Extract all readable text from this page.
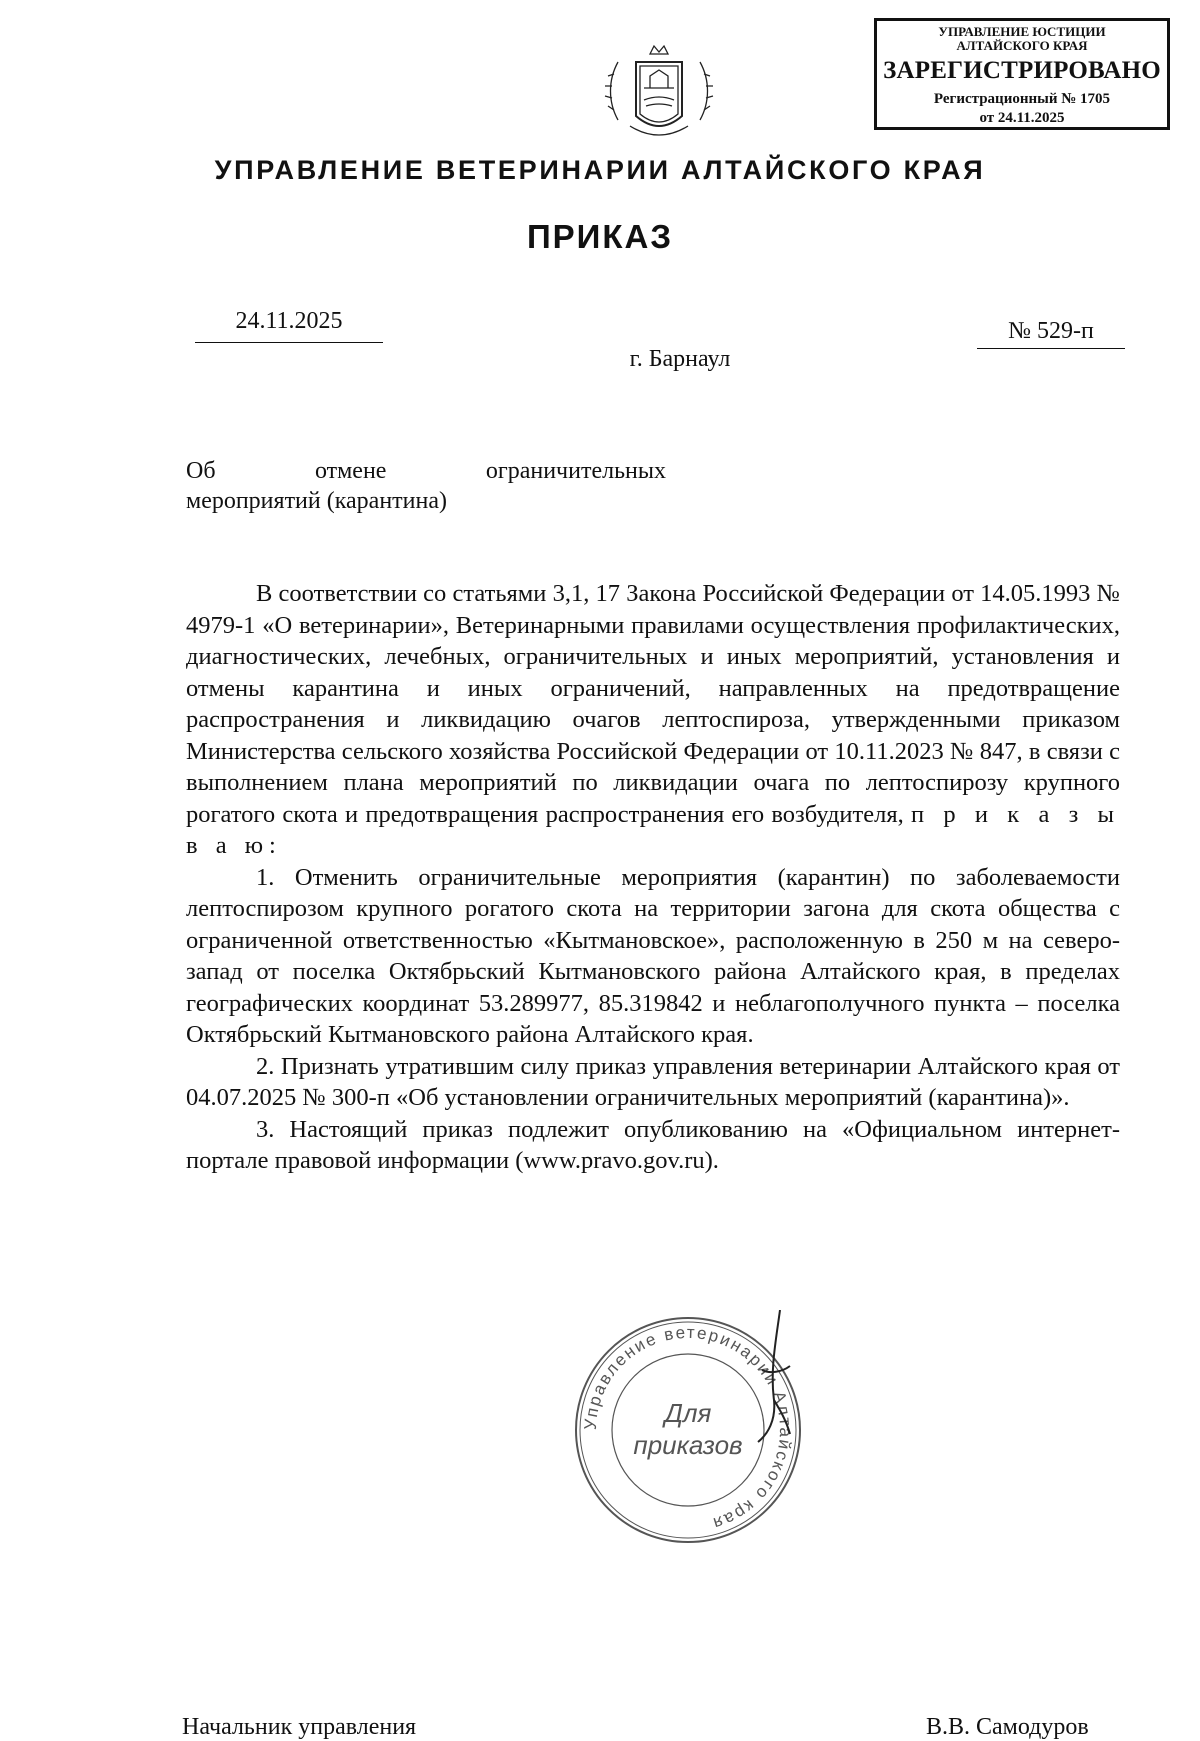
УПРАВЛЕНИЕ ЮСТИЦИИ
АЛТАЙСКОГО КРАЯ
ЗАРЕГИСТРИРОВАНО
Регистрационный № 1705
от 24.11.2025
УПРАВЛЕНИЕ ВЕТЕРИНАРИИ АЛТАЙСКОГО КРАЯ
ПРИКАЗ
24.11.2025	№ 529-п
г. Барнаул
Об отмене ограничительных
мероприятий (карантина)

В соответствии со статьями 3,1, 17 Закона Российской Федерации от 14.05.1993 № 4979-1 «О ветеринарии», Ветеринарными правилами осуществления профилактических, диагностических, лечебных, ограничительных и иных мероприятий, установления и отмены карантина и иных ограничений, направленных на предотвращение распространения и ликвидацию очагов лептоспироза, утвержденными приказом Министерства сельского хозяйства Российской Федерации от 10.11.2023 № 847, в связи с выполнением плана мероприятий по ликвидации очага по лептоспирозу крупного рогатого скота и предотвращения распространения его возбудителя, п р и к а з ы в а ю:

1. Отменить ограничительные мероприятия (карантин) по заболеваемости лептоспирозом крупного рогатого скота на территории загона для скота общества с ограниченной ответственностью «Кытмановское», расположенную в 250 м на северо-запад от поселка Октябрьский Кытмановского района Алтайского края, в пределах географических координат 53.289977, 85.319842 и неблагополучного пункта – поселка Октябрьский Кытмановского района Алтайского края.

2. Признать утратившим силу приказ управления ветеринарии Алтайского края от 04.07.2025 № 300-п «Об установлении ограничительных мероприятий (карантина)».

3. Настоящий приказ подлежит опубликованию на «Официальном интернет-портале правовой информации (www.pravo.gov.ru).

Управление ветеринарии Алтайского края
Для
приказов
Начальник управления	В.В. Самодуров
